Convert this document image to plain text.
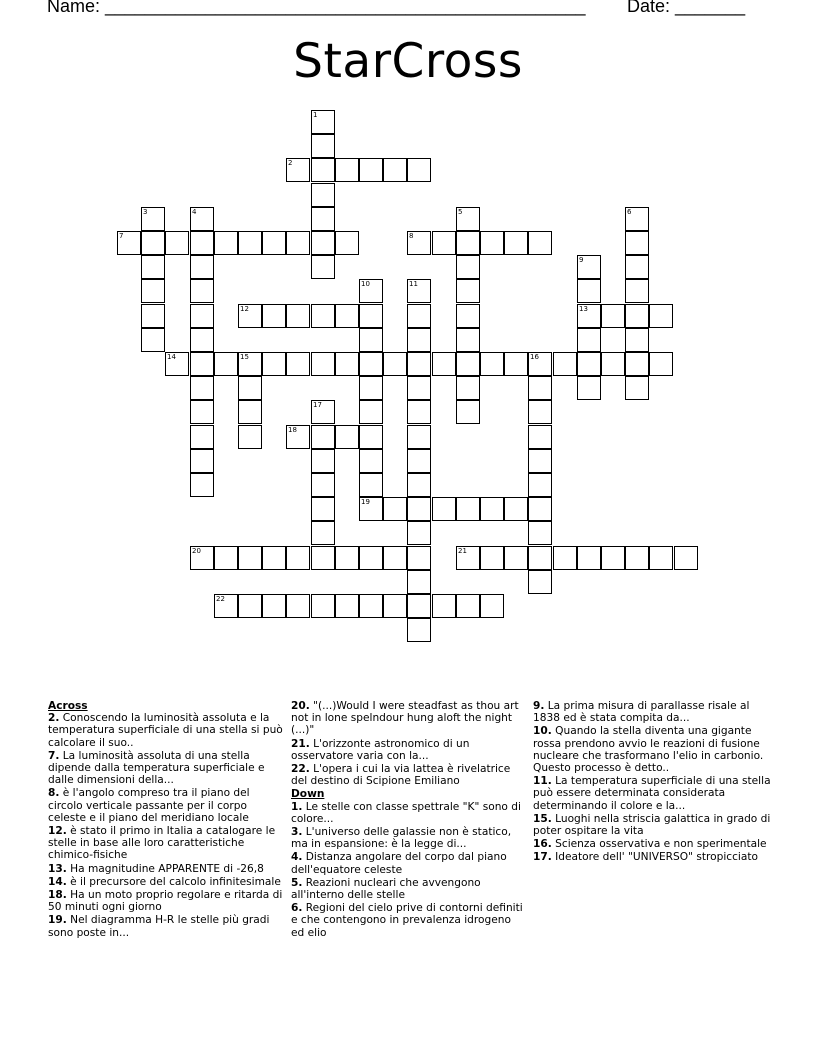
Name: ________________________________________________ Date: _______
StarCross
2
7	8
12	13
14	15	16
18
19
20	21
22
1
3	4	5	6
9
10	11
17

Across

2. Conoscendo la luminosità assoluta e la temperatura superficiale di una stella si può calcolare il suo..

7. La luminosità assoluta di una stella dipende dalla temperatura superficiale e dalle dimensioni della...

8. è l'angolo compreso tra il piano del circolo verticale passante per il corpo celeste e il piano del meridiano locale

12. è stato il primo in Italia a catalogare le stelle in base alle loro caratteristiche chimico-fisiche

13. Ha magnitudine APPARENTE di -26,8

14. è il precursore del calcolo infinitesimale

18. Ha un moto proprio regolare e ritarda di 50 minuti ogni giorno

19. Nel diagramma H-R le stelle più gradi sono poste in...

20. "(...)Would I were steadfast as thou art not in lone spelndour hung aloft the night (...)"

21. L'orizzonte astronomico di un osservatore varia con la...

22. L'opera i cui la via lattea è rivelatrice del destino di Scipione Emiliano

Down

1. Le stelle con classe spettrale "K" sono di colore...

3. L'universo delle galassie non è statico, ma in espansione: è la legge di...

4. Distanza angolare del corpo dal piano dell'equatore celeste

5. Reazioni nucleari che avvengono all'interno delle stelle

6. Regioni del cielo prive di contorni definiti e che contengono in prevalenza idrogeno ed elio

9. La prima misura di parallasse risale al 1838 ed è stata compita da...

10. Quando la stella diventa una gigante rossa prendono avvio le reazioni di fusione nucleare che trasformano l'elio in carbonio. Questo processo è detto..

11. La temperatura superficiale di una stella può essere determinata considerata determinando il colore e la...

15. Luoghi nella striscia galattica in grado di poter ospitare la vita

16. Scienza osservativa e non sperimentale

17. Ideatore dell' "UNIVERSO" stropicciato
